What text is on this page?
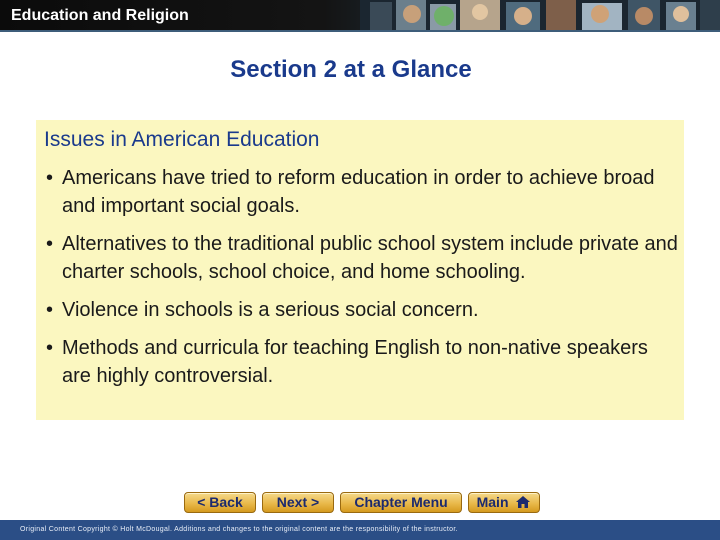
Education and Religion
Section 2 at a Glance
Issues in American Education
• Americans have tried to reform education in order to achieve broad and important social goals.
• Alternatives to the traditional public school system include private and charter schools, school choice, and home schooling.
• Violence in schools is a serious social concern.
• Methods and curricula for teaching English to non-native speakers are highly controversial.
< Back	Next >	Chapter Menu	Main
Original Content Copyright © Holt McDougal. Additions and changes to the original content are the responsibility of the instructor.
